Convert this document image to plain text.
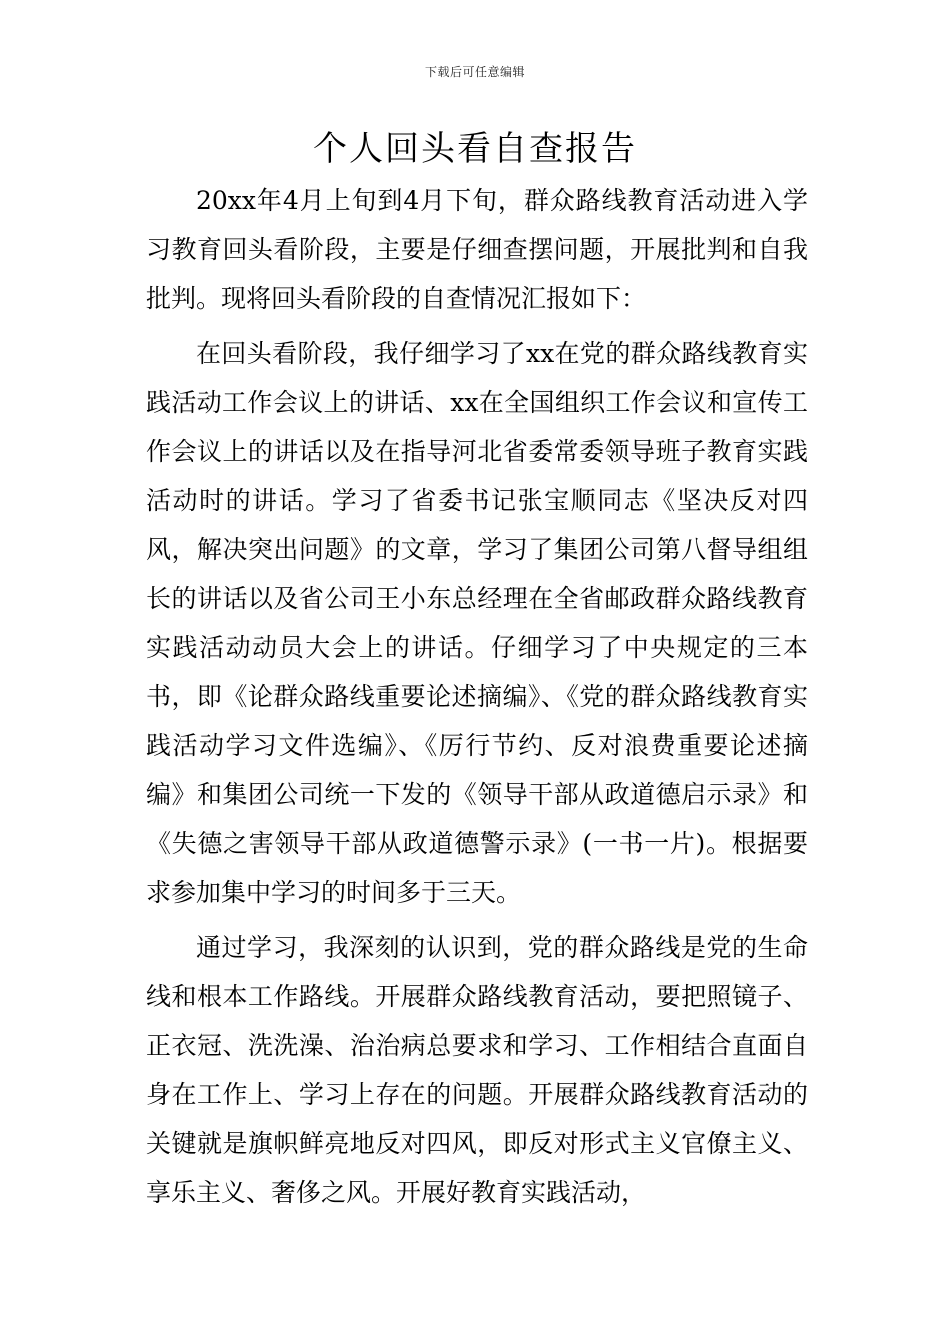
下载后可任意编辑
个人回头看自查报告

20xx年4月上旬到4月下旬，群众路线教育活动进入学习教育回头看阶段，主要是仔细查摆问题，开展批判和自我批判。现将回头看阶段的自查情况汇报如下：

在回头看阶段，我仔细学习了xx在党的群众路线教育实践活动工作会议上的讲话、xx在全国组织工作会议和宣传工作会议上的讲话以及在指导河北省委常委领导班子教育实践活动时的讲话。学习了省委书记张宝顺同志《坚决反对四风，解决突出问题》的文章，学习了集团公司第八督导组组长的讲话以及省公司王小东总经理在全省邮政群众路线教育实践活动动员大会上的讲话。仔细学习了中央规定的三本书，即《论群众路线重要论述摘编》、《党的群众路线教育实践活动学习文件选编》、《厉行节约、反对浪费重要论述摘编》和集团公司统一下发的《领导干部从政道德启示录》和《失德之害领导干部从政道德警示录》(一书一片)。根据要求参加集中学习的时间多于三天。

通过学习，我深刻的认识到，党的群众路线是党的生命线和根本工作路线。开展群众路线教育活动，要把照镜子、正衣冠、洗洗澡、治治病总要求和学习、工作相结合直面自身在工作上、学习上存在的问题。开展群众路线教育活动的关键就是旗帜鲜亮地反对四风，即反对形式主义官僚主义、享乐主义、奢侈之风。开展好教育实践活动，
